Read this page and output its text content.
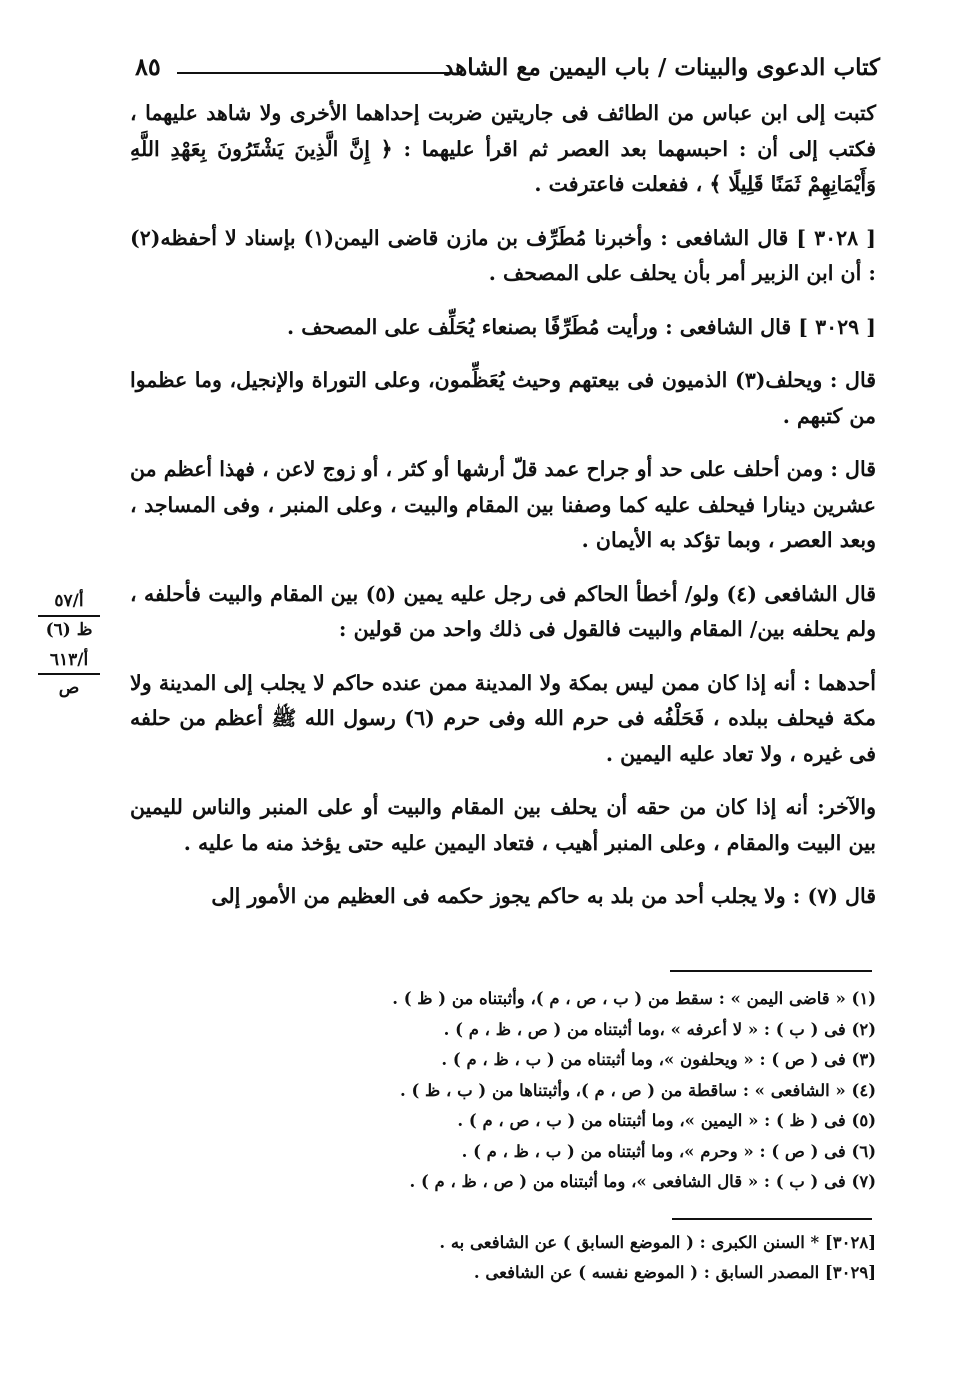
كتاب الدعوى والبينات / باب اليمين مع الشاهد
٨٥

كتبت إلى ابن عباس من الطائف فى جاريتين ضربت إحداهما الأخرى ولا شاهد عليهما ، فكتب إلى أن : احبسهما بعد العصر ثم اقرأ عليهما : ﴿ إِنَّ الَّذِينَ يَشْتَرُونَ بِعَهْدِ اللَّهِ وَأَيْمَانِهِمْ ثَمَنًا قَلِيلًا ﴾ ، ففعلت فاعترفت .

[ ٣٠٢٨ ] قال الشافعى : وأخبرنا مُطَرِّف بن مازن قاضى اليمن(١) بإسناد لا أحفظه(٢) : أن ابن الزبير أمر بأن يحلف على المصحف .

[ ٣٠٢٩ ] قال الشافعى : ورأيت مُطَرِّفًا بصنعاء يُحَلِّف على المصحف .

قال : ويحلف(٣) الذميون فى بيعتهم وحيث يُعَظِّمون، وعلى التوراة والإنجيل، وما عظموا من كتبهم .

قال : ومن أحلف على حد أو جراح عمد قلّ أرشها أو كثر ، أو زوج لاعن ، فهذا أعظم من عشرين دينارا فيحلف عليه كما وصفنا بين المقام والبيت ، وعلى المنبر ، وفى المساجد ، وبعد العصر ، وبما تؤكد به الأيمان .

قال الشافعى (٤) ولو/ أخطأ الحاكم فى رجل عليه يمين (٥) بين المقام والبيت فأحلفه ، ولم يحلفه بين/ المقام والبيت فالقول فى ذلك واحد من قولين :

أحدهما : أنه إذا كان ممن ليس بمكة ولا المدينة ممن عنده حاكم لا يجلب إلى المدينة ولا مكة فيحلف ببلده ، فَحَلْفُه فى حرم الله وفى حرم (٦) رسول الله ﷺ أعظم من حلفه فى غيره ، ولا تعاد عليه اليمين .

والآخر: أنه إذا كان من حقه أن يحلف بين المقام والبيت أو على المنبر والناس لليمين بين البيت والمقام ، وعلى المنبر أهيب ، فتعاد اليمين عليه حتى يؤخذ منه ما عليه .

قال (٧) : ولا يجلب أحد من بلد به حاكم يجوز حكمه فى العظيم من الأمور إلى

أ/٥٧
ظ (٦)
أ/٦١٣
ص
(١) « قاضى اليمن » : سقط من ( ب ، ص ، م )، وأثبتناه من ( ظ ) .
(٢) فى ( ب ) : « لا أعرفه » ،وما أثبتناه من ( ص ، ظ ، م ) .
(٣) فى ( ص ) : « ويحلفون »، وما أثبتناه من ( ب ، ظ ، م ) .
(٤) « الشافعى » : ساقطة من ( ص ، م )، وأثبتناها من ( ب ، ظ ) .
(٥) فى ( ظ ) : « اليمين »، وما أثبتناه من ( ب ، ص ، م ) .
(٦) فى ( ص ) : « وحرم »، وما أثبتناه من ( ب ، ظ ، م ) .
(٧) فى ( ب ) : « قال الشافعى »، وما أثبتناه من ( ص ، ظ ، م ) .
[٣٠٢٨] * السنن الكبرى : ( الموضع السابق ) عن الشافعى به .
[٣٠٢٩] المصدر السابق : ( الموضع نفسه ) عن الشافعى .
